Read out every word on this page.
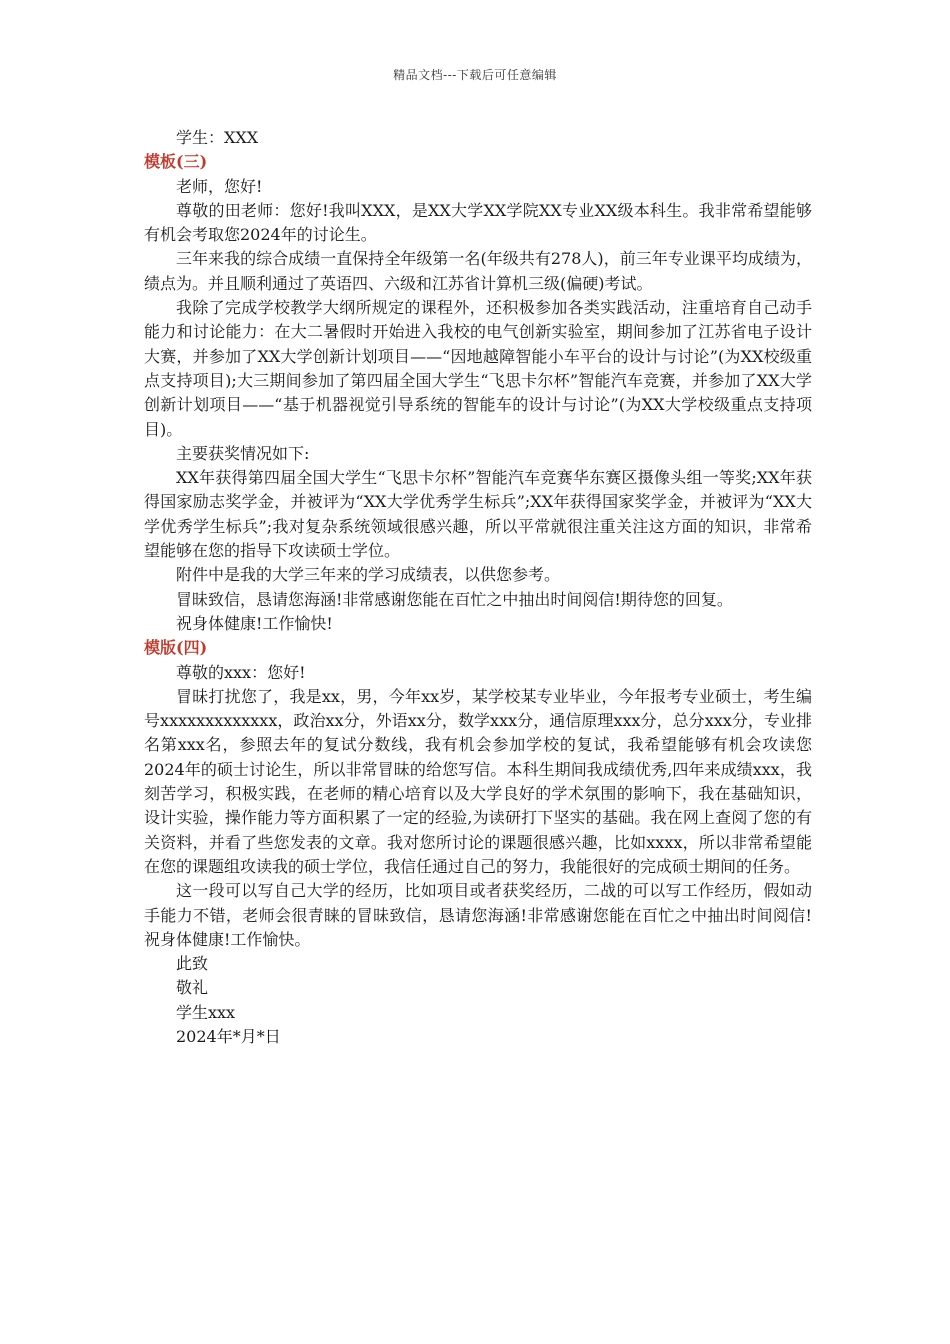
精品文档---下载后可任意编辑

学生：XXX

模板(三)

老师，您好!

尊敬的田老师：您好!我叫XXX，是XX大学XX学院XX专业XX级本科生。我非常希望能够有机会考取您2024年的讨论生。

三年来我的综合成绩一直保持全年级第一名(年级共有278人)，前三年专业课平均成绩为，绩点为。并且顺利通过了英语四、六级和江苏省计算机三级(偏硬)考试。

我除了完成学校教学大纲所规定的课程外，还积极参加各类实践活动，注重培育自己动手能力和讨论能力：在大二暑假时开始进入我校的电气创新实验室，期间参加了江苏省电子设计大赛，并参加了XX大学创新计划项目——“因地越障智能小车平台的设计与讨论”(为XX校级重点支持项目);大三期间参加了第四届全国大学生“飞思卡尔杯”智能汽车竞赛，并参加了XX大学创新计划项目——“基于机器视觉引导系统的智能车的设计与讨论”(为XX大学校级重点支持项目)。

主要获奖情况如下:

XX年获得第四届全国大学生“飞思卡尔杯”智能汽车竞赛华东赛区摄像头组一等奖;XX年获得国家励志奖学金，并被评为“XX大学优秀学生标兵”;XX年获得国家奖学金，并被评为“XX大学优秀学生标兵”;我对复杂系统领域很感兴趣，所以平常就很注重关注这方面的知识，非常希望能够在您的指导下攻读硕士学位。

附件中是我的大学三年来的学习成绩表，以供您参考。

冒昧致信，恳请您海涵!非常感谢您能在百忙之中抽出时间阅信!期待您的回复。

祝身体健康!工作愉快!

模版(四)

尊敬的xxx：您好!

冒昧打扰您了，我是xx，男，今年xx岁，某学校某专业毕业，今年报考专业硕士，考生编号xxxxxxxxxxxxx，政治xx分，外语xx分，数学xxx分，通信原理xxx分，总分xxx分，专业排名第xxx名，参照去年的复试分数线，我有机会参加学校的复试，我希望能够有机会攻读您2024年的硕士讨论生，所以非常冒昧的给您写信。本科生期间我成绩优秀,四年来成绩xxx，我刻苦学习，积极实践，在老师的精心培育以及大学良好的学术氛围的影响下，我在基础知识，设计实验，操作能力等方面积累了一定的经验,为读研打下坚实的基础。我在网上查阅了您的有关资料，并看了些您发表的文章。我对您所讨论的课题很感兴趣，比如xxxx，所以非常希望能在您的课题组攻读我的硕士学位，我信任通过自己的努力，我能很好的完成硕士期间的任务。

这一段可以写自己大学的经历，比如项目或者获奖经历，二战的可以写工作经历，假如动手能力不错，老师会很青睐的冒昧致信，恳请您海涵!非常感谢您能在百忙之中抽出时间阅信!祝身体健康!工作愉快。

此致

敬礼

学生xxx

2024年*月*日
